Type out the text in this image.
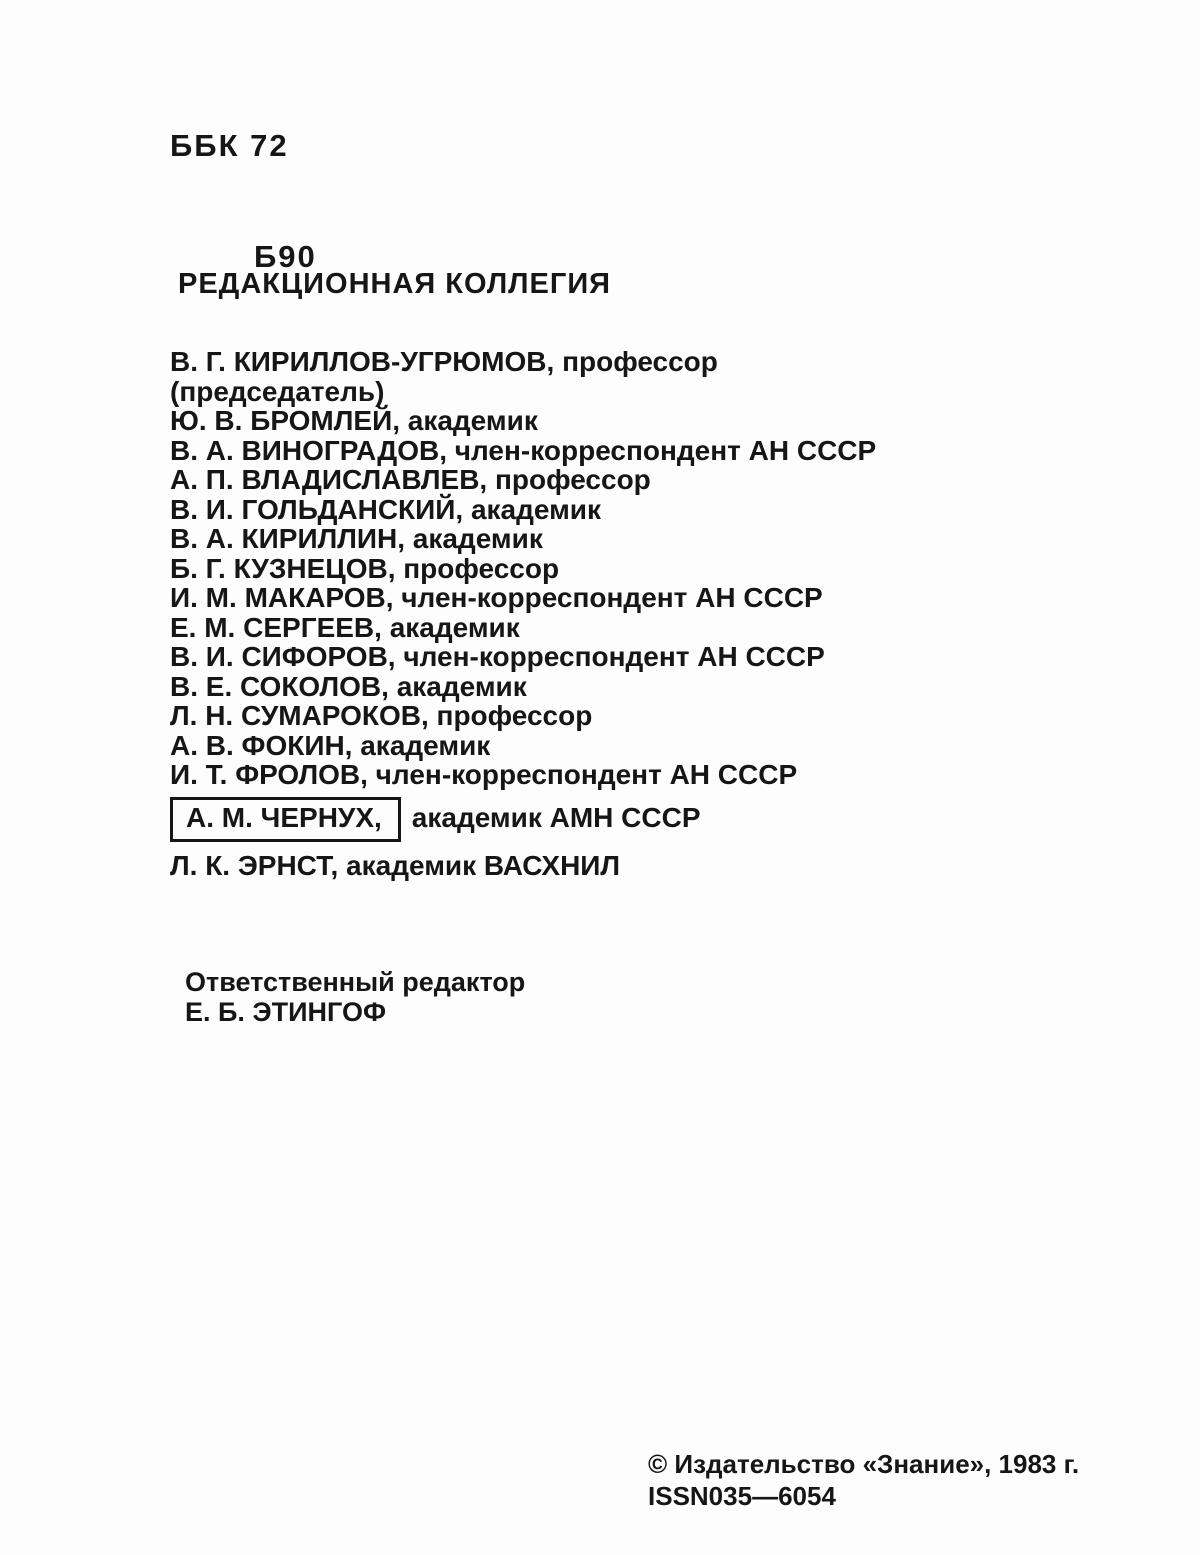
ББК 72

Б90

РЕДАКЦИОННАЯ КОЛЛЕГИЯ
В. Г. КИРИЛЛОВ-УГРЮМОВ, профессор
(председатель)
Ю. В. БРОМЛЕЙ, академик
В. А. ВИНОГРАДОВ, член-корреспондент АН СССР
А. П. ВЛАДИСЛАВЛЕВ, профессор
В. И. ГОЛЬДАНСКИЙ, академик
В. А. КИРИЛЛИН, академик
Б. Г. КУЗНЕЦОВ, профессор
И. М. МАКАРОВ, член-корреспондент АН СССР
Е. М. СЕРГЕЕВ, академик
В. И. СИФОРОВ, член-корреспондент АН СССР
В. Е. СОКОЛОВ, академик
Л. Н. СУМАРОКОВ, профессор
А. В. ФОКИН, академик
И. Т. ФРОЛОВ, член-корреспондент АН СССР
А. М. ЧЕРНУХ, академик АМН СССР
Л. К. ЭРНСТ, академик ВАСХНИЛ
Ответственный редактор
Е. Б. ЭТИНГОФ
© Издательство «Знание», 1983 г.
ISSN035—6054
